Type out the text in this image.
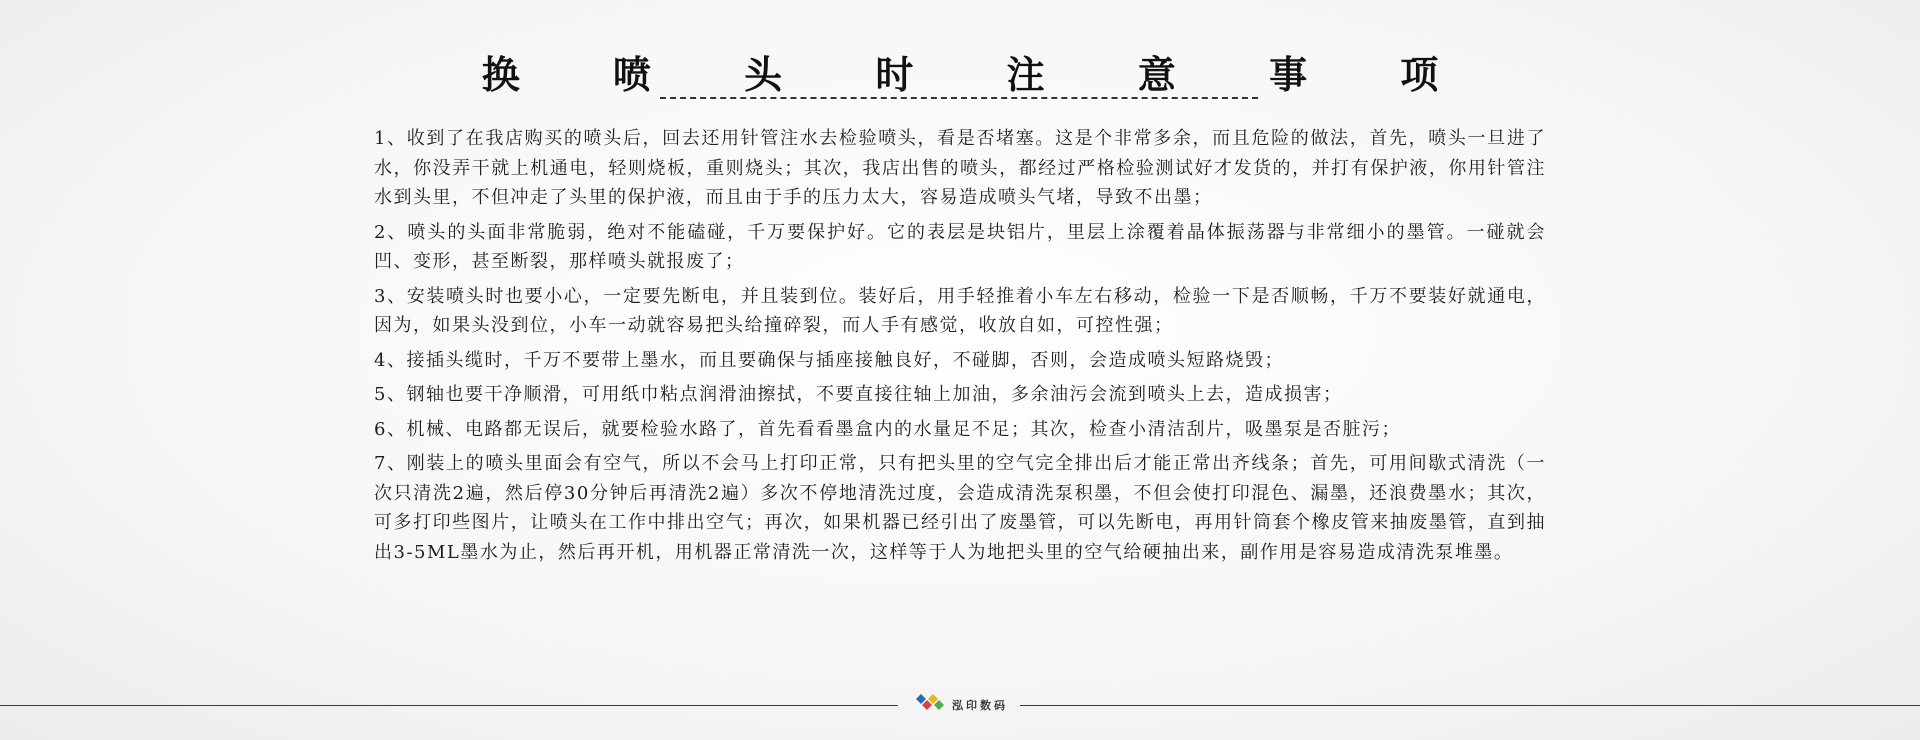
换 喷 头 时 注 意 事 项

1、收到了在我店购买的喷头后，回去还用针管注水去检验喷头，看是否堵塞。这是个非常多余，而且危险的做法，首先，喷头一旦进了水，你没弄干就上机通电，轻则烧板，重则烧头；其次，我店出售的喷头，都经过严格检验测试好才发货的，并打有保护液，你用针管注水到头里，不但冲走了头里的保护液，而且由于手的压力太大，容易造成喷头气堵，导致不出墨；

2、喷头的头面非常脆弱，绝对不能磕碰，千万要保护好。它的表层是块铝片，里层上涂覆着晶体振荡器与非常细小的墨管。一碰就会凹、变形，甚至断裂，那样喷头就报废了；

3、安装喷头时也要小心，一定要先断电，并且装到位。装好后，用手轻推着小车左右移动，检验一下是否顺畅，千万不要装好就通电，因为，如果头没到位，小车一动就容易把头给撞碎裂，而人手有感觉，收放自如，可控性强；

4、接插头缆时，千万不要带上墨水，而且要确保与插座接触良好，不碰脚，否则，会造成喷头短路烧毁；

5、钢轴也要干净顺滑，可用纸巾粘点润滑油擦拭，不要直接往轴上加油，多余油污会流到喷头上去，造成损害；

6、机械、电路都无误后，就要检验水路了，首先看看墨盒内的水量足不足；其次，检查小清洁刮片，吸墨泵是否脏污；

7、刚装上的喷头里面会有空气，所以不会马上打印正常，只有把头里的空气完全排出后才能正常出齐线条；首先，可用间歇式清洗（一次只清洗2遍，然后停30分钟后再清洗2遍）多次不停地清洗过度，会造成清洗泵积墨，不但会使打印混色、漏墨，还浪费墨水；其次，可多打印些图片，让喷头在工作中排出空气；再次，如果机器已经引出了废墨管，可以先断电，再用针筒套个橡皮管来抽废墨管，直到抽出3-5ML墨水为止，然后再开机，用机器正常清洗一次，这样等于人为地把头里的空气给硬抽出来，副作用是容易造成清洗泵堆墨。

泓印数码
